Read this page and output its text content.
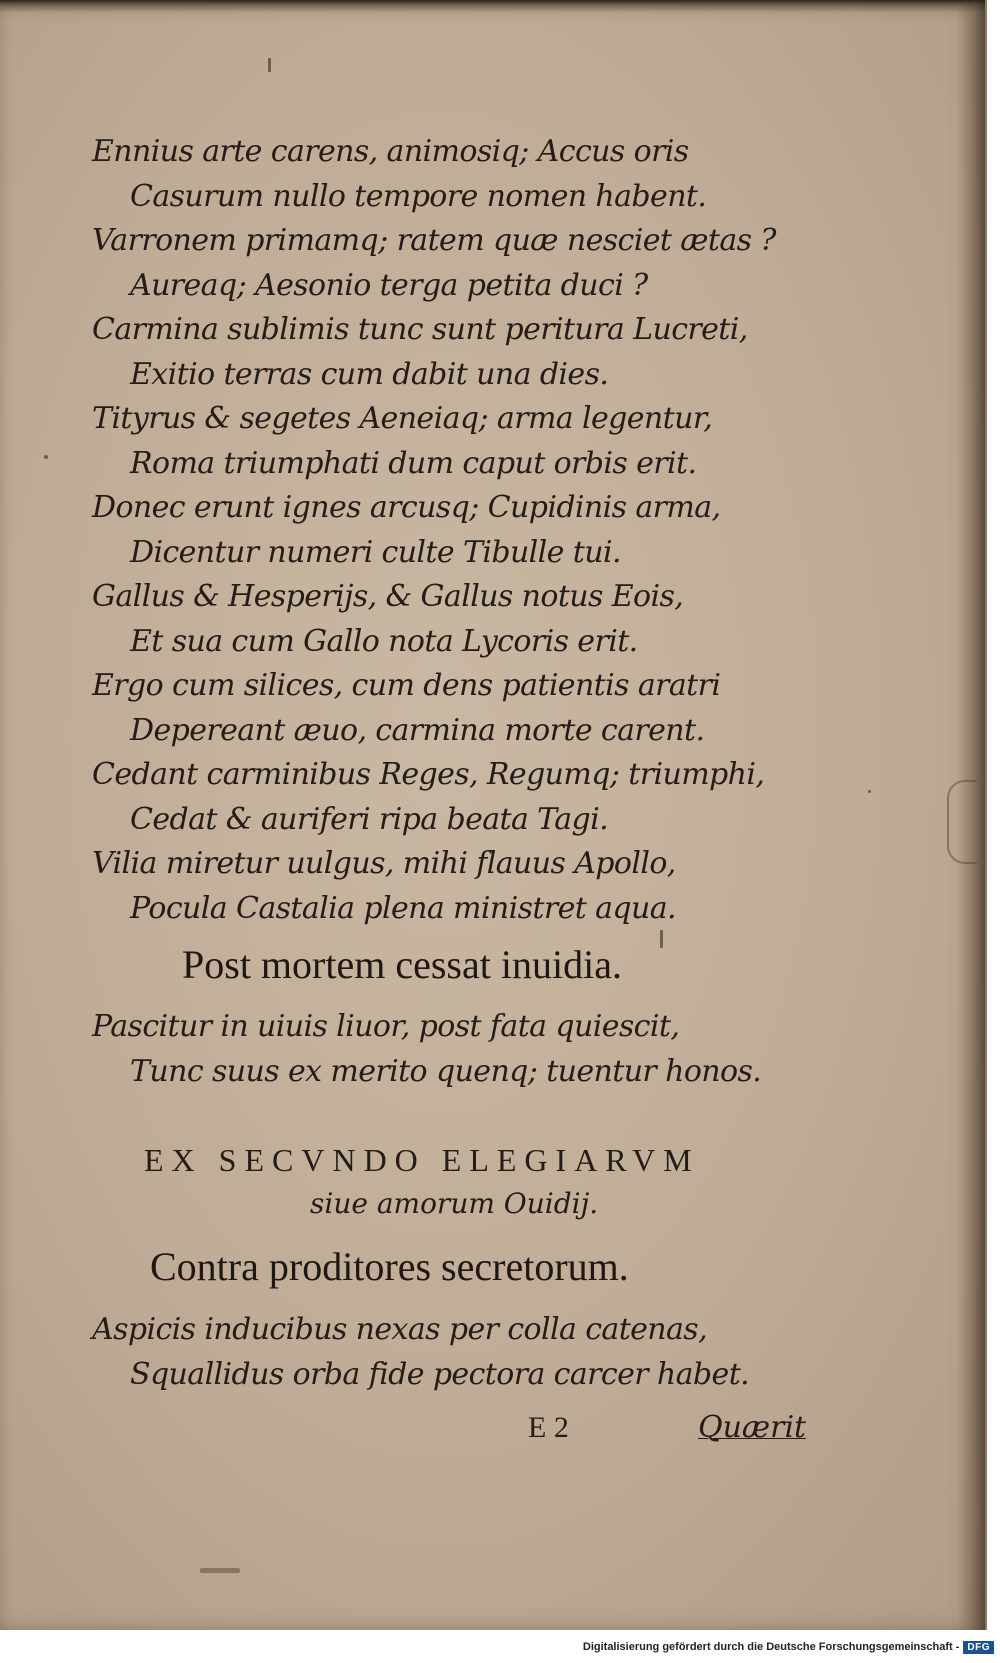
Ennius arte carens, animosiq; Accus oris
Casurum nullo tempore nomen habent.
Varronem primamq; ratem quæ nesciet ætas ?
Aureaq; Aesonio terga petita duci ?
Carmina sublimis tunc sunt peritura Lucreti,
Exitio terras cum dabit una dies.
Tityrus & segetes Aeneiaq; arma legentur,
Roma triumphati dum caput orbis erit.
Donec erunt ignes arcusq; Cupidinis arma,
Dicentur numeri culte Tibulle tui.
Gallus & Hesperijs, & Gallus notus Eois,
Et sua cum Gallo nota Lycoris erit.
Ergo cum silices, cum dens patientis aratri
Depereant æuo, carmina morte carent.
Cedant carminibus Reges, Regumq; triumphi,
Cedat & auriferi ripa beata Tagi.
Vilia miretur uulgus, mihi flauus Apollo,
Pocula Castalia plena ministret aqua.
Post mortem cessat inuidia.
Pascitur in uiuis liuor, post fata quiescit,
Tunc suus ex merito quenq; tuentur honos.
EX SECVNDO ELEGIARVM
siue amorum Ouidij.
Contra proditores secretorum.
Aspicis inducibus nexas per colla catenas,
Squallidus orba fide pectora carcer habet.
E 2	Quærit
Digitalisierung gefördert durch die Deutsche Forschungsgemeinschaft - DFG
